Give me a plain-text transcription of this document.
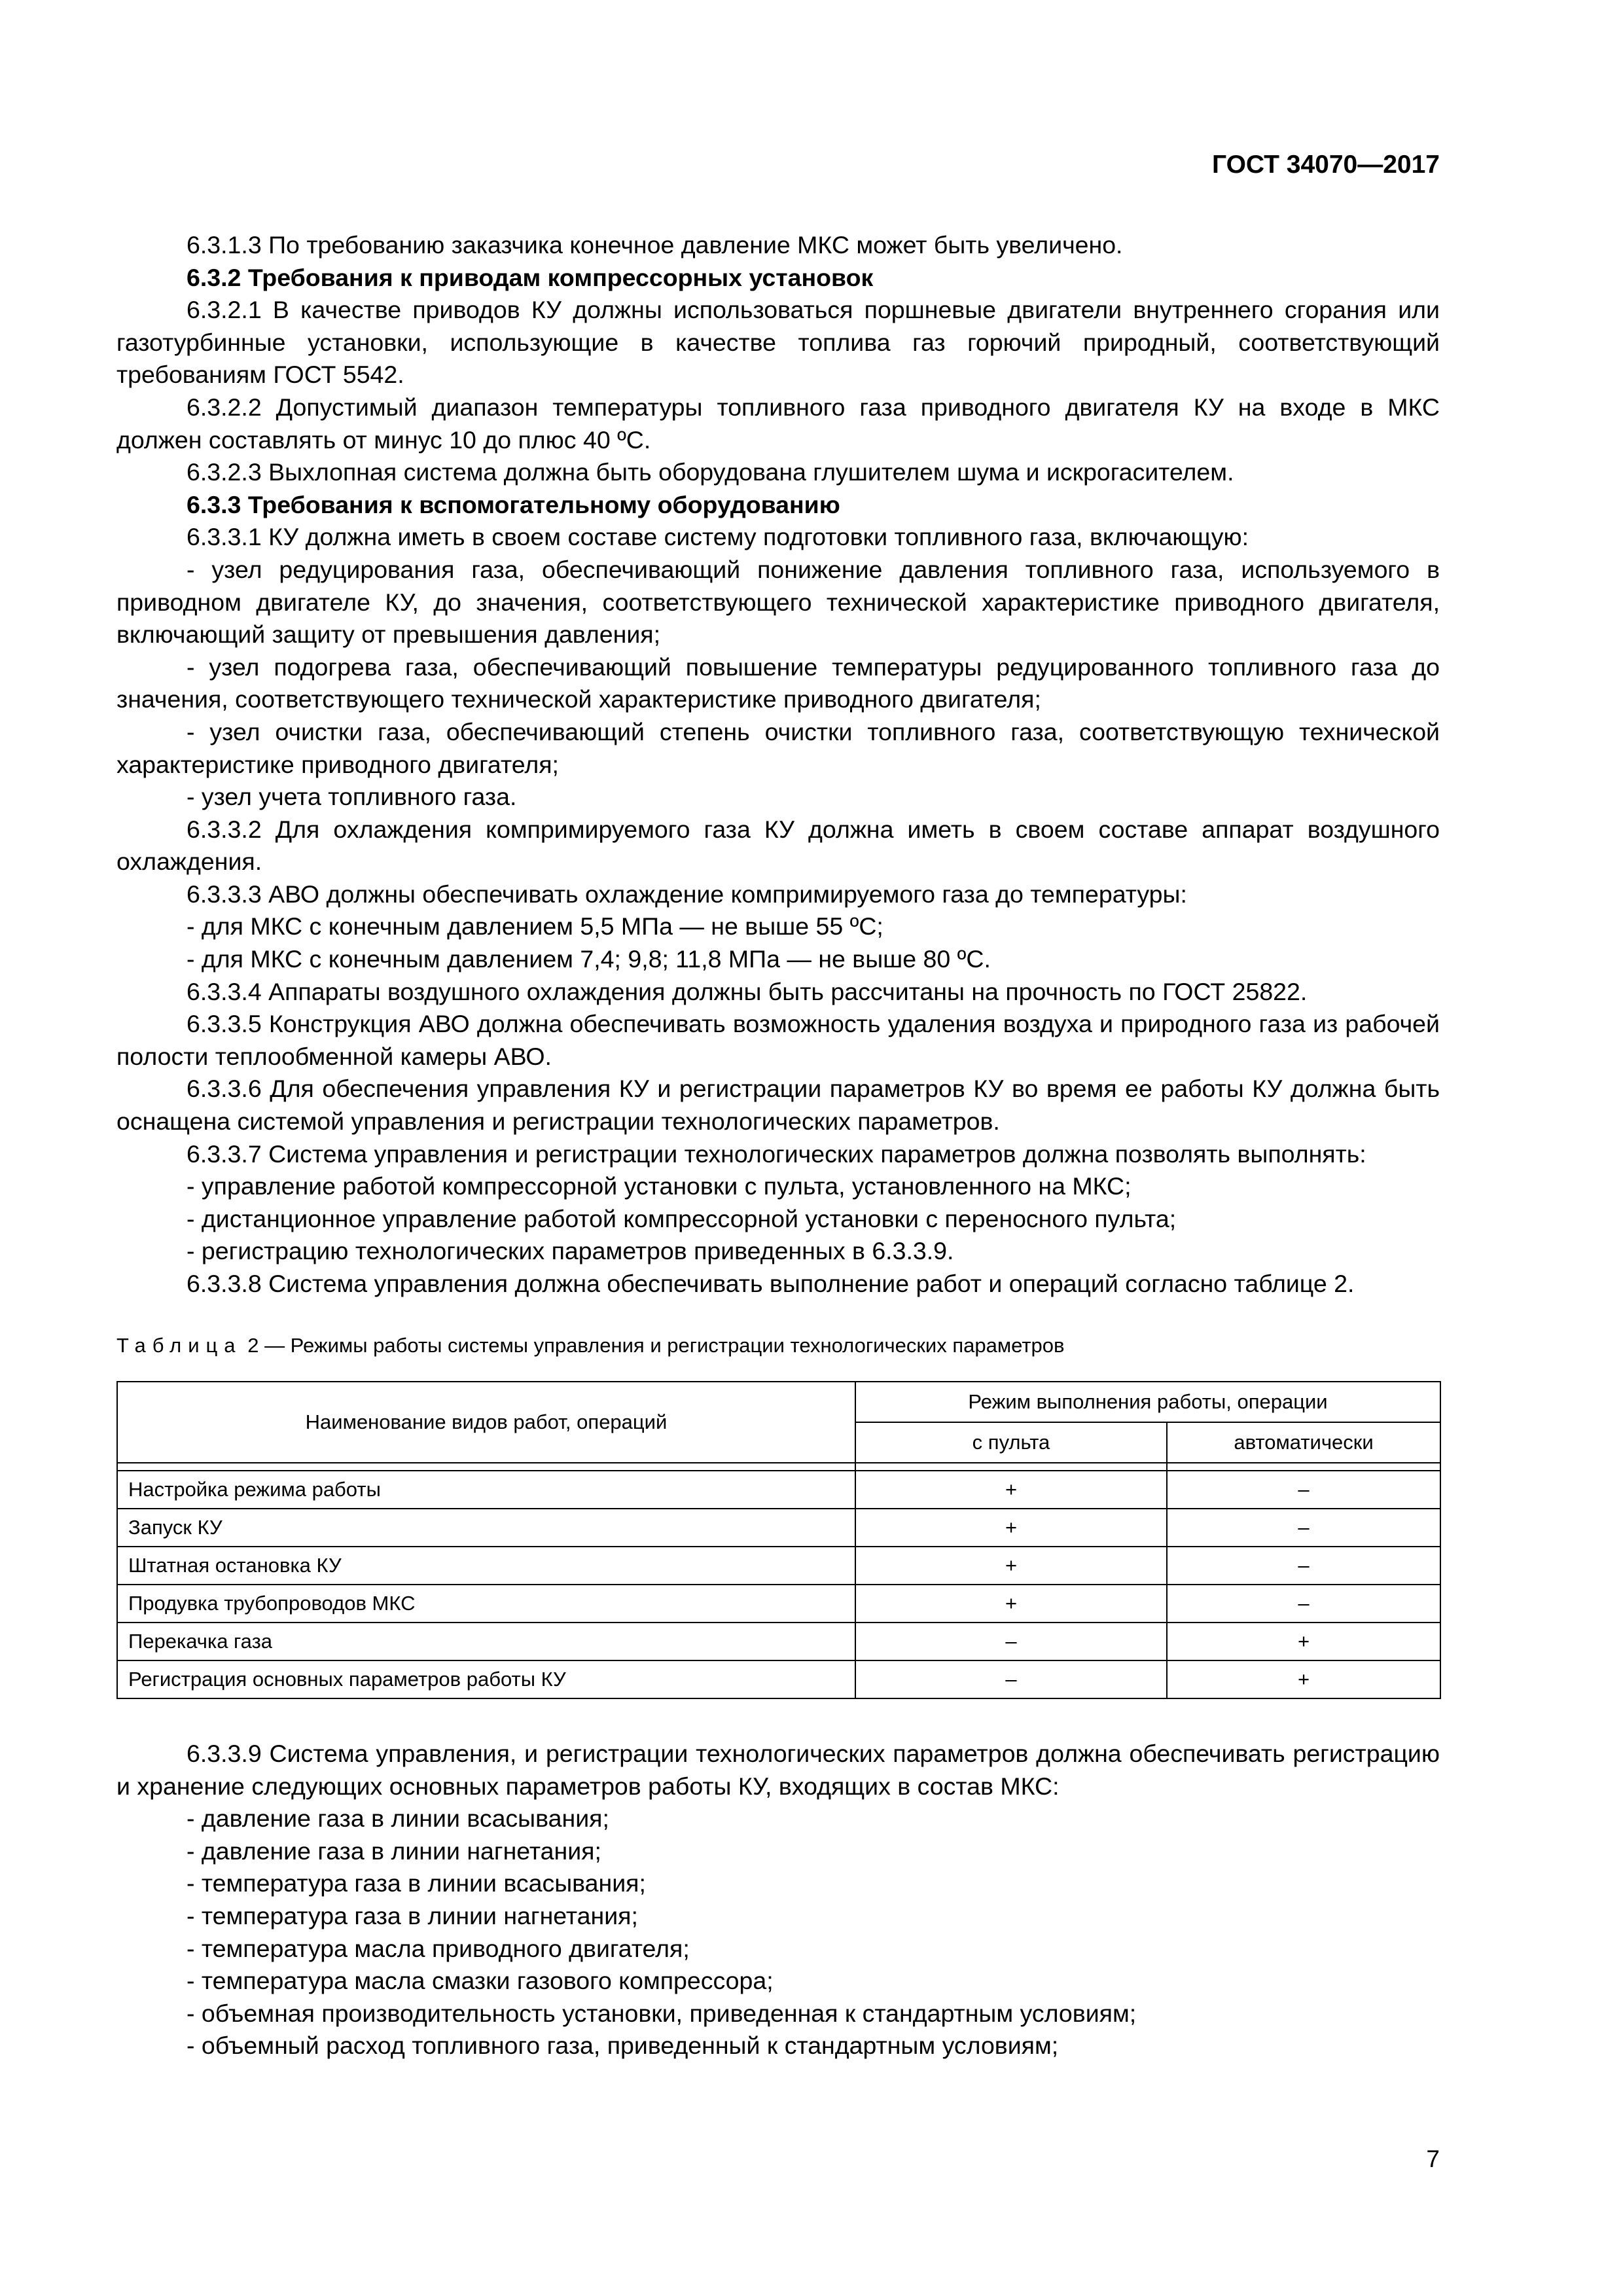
ГОСТ 34070—2017

6.3.1.3 По требованию заказчика конечное давление МКС может быть увеличено.

6.3.2 Требования к приводам компрессорных установок

6.3.2.1 В качестве приводов КУ должны использоваться поршневые двигатели внутреннего сгорания или газотурбинные установки, использующие в качестве топлива газ горючий природный, соответствующий требованиям ГОСТ 5542.

6.3.2.2 Допустимый диапазон температуры топливного газа приводного двигателя КУ на входе в МКС должен составлять от минус 10 до плюс 40 ºС.

6.3.2.3 Выхлопная система должна быть оборудована глушителем шума и искрогасителем.

6.3.3 Требования к вспомогательному оборудованию

6.3.3.1 КУ должна иметь в своем составе систему подготовки топливного газа, включающую:

- узел редуцирования газа, обеспечивающий понижение давления топливного газа, используемого в приводном двигателе КУ, до значения, соответствующего технической характеристике приводного двигателя, включающий защиту от превышения давления;

- узел подогрева газа, обеспечивающий повышение температуры редуцированного топливного газа до значения, соответствующего технической характеристике приводного двигателя;

- узел очистки газа, обеспечивающий степень очистки топливного газа, соответствующую технической характеристике приводного двигателя;

- узел учета топливного газа.

6.3.3.2 Для охлаждения компримируемого газа КУ должна иметь в своем составе аппарат воздушного охлаждения.

6.3.3.3 АВО должны обеспечивать охлаждение компримируемого газа до температуры:

- для МКС с конечным давлением 5,5 МПа — не выше 55 ºС;

- для МКС с конечным давлением 7,4; 9,8; 11,8 МПа — не выше 80 ºС.

6.3.3.4 Аппараты воздушного охлаждения должны быть рассчитаны на прочность по ГОСТ 25822.

6.3.3.5 Конструкция АВО должна обеспечивать возможность удаления воздуха и природного газа из рабочей полости теплообменной камеры АВО.

6.3.3.6 Для обеспечения управления КУ и регистрации параметров КУ во время ее работы КУ должна быть оснащена системой управления и регистрации технологических параметров.

6.3.3.7 Система управления и регистрации технологических параметров должна позволять выполнять:

- управление работой компрессорной установки с пульта, установленного на МКС;

- дистанционное управление работой компрессорной установки с переносного пульта;

- регистрацию технологических параметров приведенных в 6.3.3.9.

6.3.3.8 Система управления должна обеспечивать выполнение работ и операций согласно таблице 2.

Таблица 2 — Режимы работы системы управления и регистрации технологических параметров
Наименование видов работ, операций	Режим выполнения работы, операции	
	с пульта	автоматически

Настройка режима работы	+	–
Запуск КУ	+	–
Штатная остановка КУ	+	–
Продувка трубопроводов МКС	+	–
Перекачка газа	–	+
Регистрация основных параметров работы КУ	–	+

6.3.3.9 Система управления, и регистрации технологических параметров должна обеспечивать регистрацию и хранение следующих основных параметров работы КУ, входящих в состав МКС:

- давление газа в линии всасывания;

- давление газа в линии нагнетания;

- температура газа в линии всасывания;

- температура газа в линии нагнетания;

- температура масла приводного двигателя;

- температура масла смазки газового компрессора;

- объемная производительность установки, приведенная к стандартным условиям;

- объемный расход топливного газа, приведенный к стандартным условиям;

7
